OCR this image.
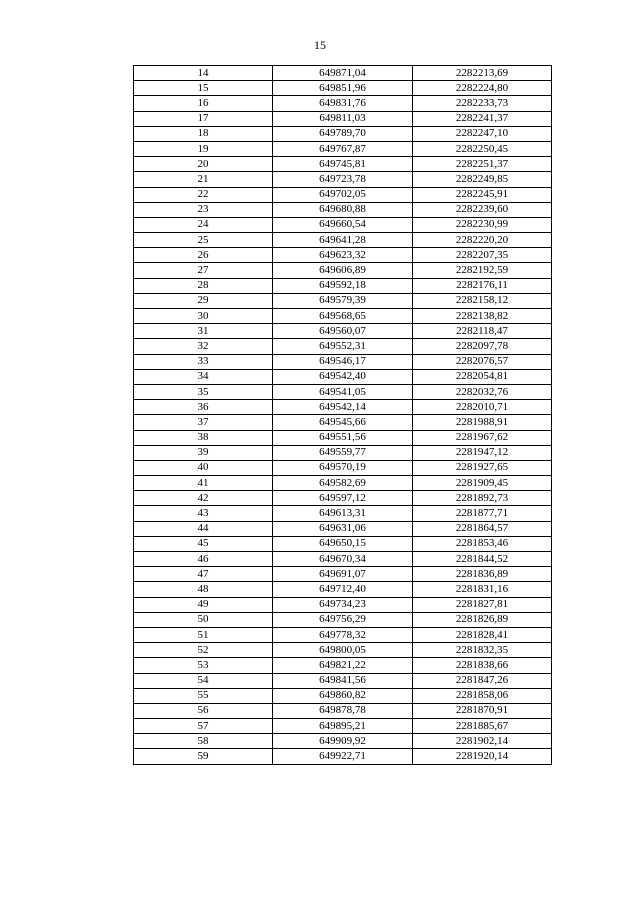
15
14	649871,04	2282213,69
15	649851,96	2282224,80
16	649831,76	2282233,73
17	649811,03	2282241,37
18	649789,70	2282247,10
19	649767,87	2282250,45
20	649745,81	2282251,37
21	649723,78	2282249,85
22	649702,05	2282245,91
23	649680,88	2282239,60
24	649660,54	2282230,99
25	649641,28	2282220,20
26	649623,32	2282207,35
27	649606,89	2282192,59
28	649592,18	2282176,11
29	649579,39	2282158,12
30	649568,65	2282138,82
31	649560,07	2282118,47
32	649552,31	2282097,78
33	649546,17	2282076,57
34	649542,40	2282054,81
35	649541,05	2282032,76
36	649542,14	2282010,71
37	649545,66	2281988,91
38	649551,56	2281967,62
39	649559,77	2281947,12
40	649570,19	2281927,65
41	649582,69	2281909,45
42	649597,12	2281892,73
43	649613,31	2281877,71
44	649631,06	2281864,57
45	649650,15	2281853,46
46	649670,34	2281844,52
47	649691,07	2281836,89
48	649712,40	2281831,16
49	649734,23	2281827,81
50	649756,29	2281826,89
51	649778,32	2281828,41
52	649800,05	2281832,35
53	649821,22	2281838,66
54	649841,56	2281847,26
55	649860,82	2281858,06
56	649878,78	2281870,91
57	649895,21	2281885,67
58	649909,92	2281902,14
59	649922,71	2281920,14
